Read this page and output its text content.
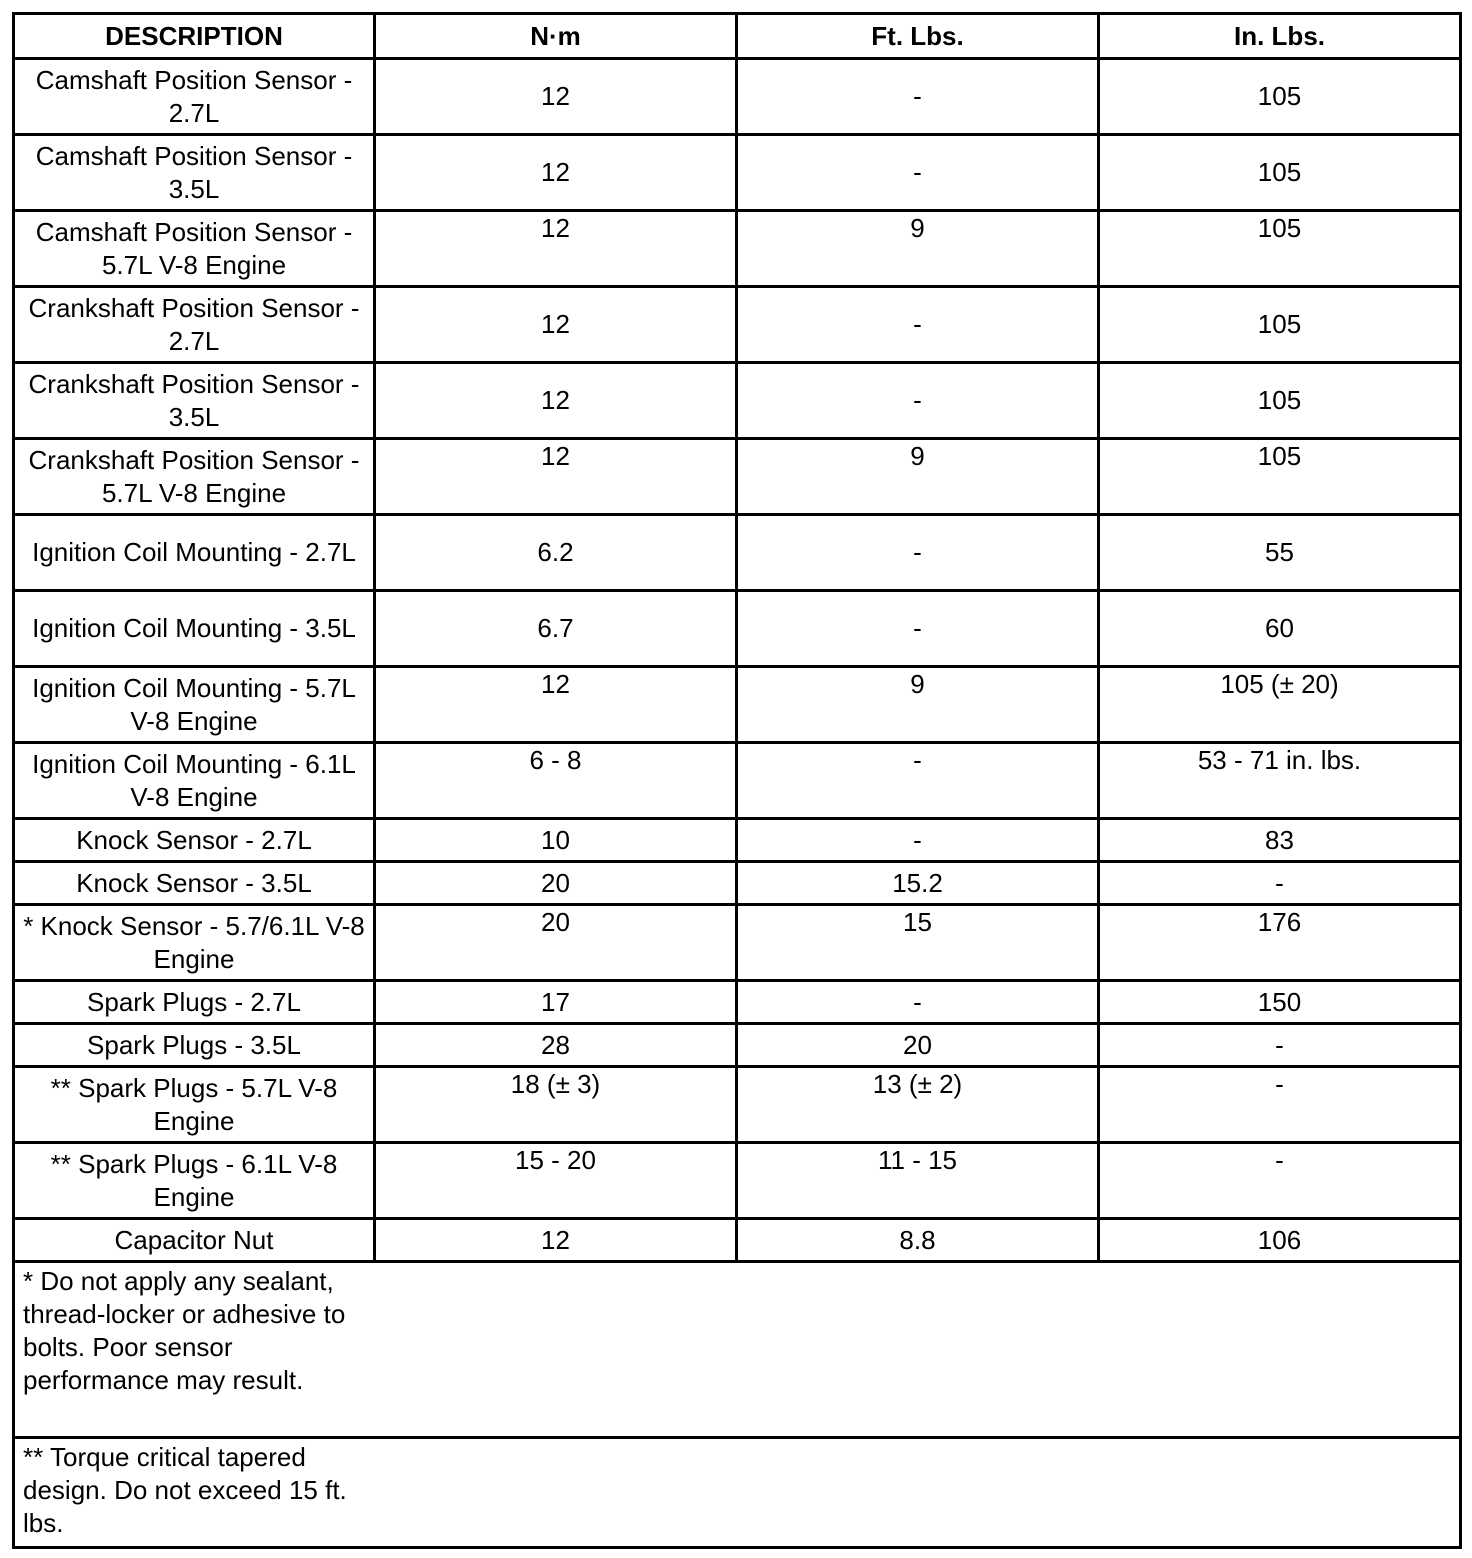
DESCRIPTION	N·m	Ft. Lbs.	In. Lbs.
Camshaft Position Sensor - 2.7L	12	-	105
Camshaft Position Sensor - 3.5L	12	-	105
Camshaft Position Sensor - 5.7L V-8 Engine	12	9	105
Crankshaft Position Sensor - 2.7L	12	-	105
Crankshaft Position Sensor - 3.5L	12	-	105
Crankshaft Position Sensor - 5.7L V-8 Engine	12	9	105
Ignition Coil Mounting - 2.7L	6.2	-	55
Ignition Coil Mounting - 3.5L	6.7	-	60
Ignition Coil Mounting - 5.7L V-8 Engine	12	9	105 (± 20)
Ignition Coil Mounting - 6.1L V-8 Engine	6 - 8	-	53 - 71 in. lbs.
Knock Sensor - 2.7L	10	-	83
Knock Sensor - 3.5L	20	15.2	-
* Knock Sensor - 5.7/6.1L V-8 Engine	20	15	176
Spark Plugs - 2.7L	17	-	150
Spark Plugs - 3.5L	28	20	-
** Spark Plugs - 5.7L V-8 Engine	18 (± 3)	13 (± 2)	-
** Spark Plugs - 6.1L V-8 Engine	15 - 20	11 - 15	-
Capacitor Nut	12	8.8	106

* Do not apply any sealant, thread-locker or adhesive to bolts. Poor sensor performance may result.			

** Torque critical tapered design. Do not exceed 15 ft. lbs.			
